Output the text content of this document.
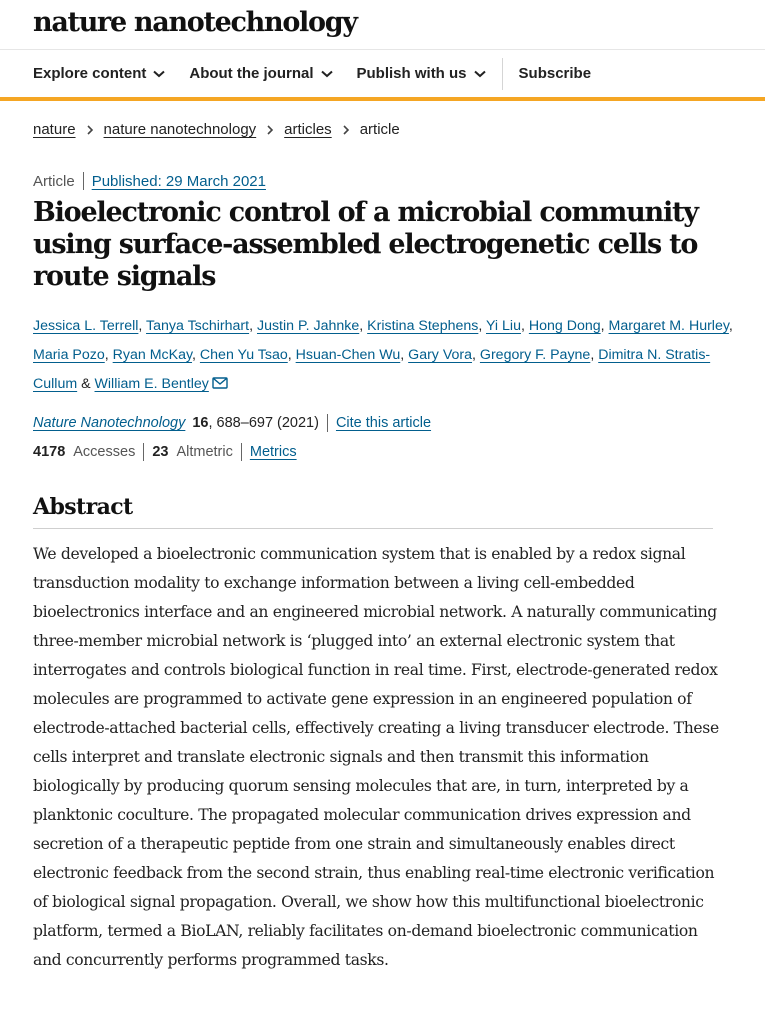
nature nanotechnology
Explore content	About the journal	Publish with us	Subscribe
nature nature nanotechnology articles article
Article Published: 29 March 2021
Bioelectronic control of a microbial community using surface-assembled electrogenetic cells to route signals
Jessica L. Terrell, Tanya Tschirhart, Justin P. Jahnke, Kristina Stephens, Yi Liu, Hong Dong, Margaret M. Hurley, Maria Pozo, Ryan McKay, Chen Yu Tsao, Hsuan-Chen Wu, Gary Vora, Gregory F. Payne, Dimitra N. Stratis-Cullum & William E. Bentley
Nature Nanotechnology 16 , 688–697 (2021) Cite this article
4178 Accesses 23 Altmetric Metrics
Abstract

We developed a bioelectronic communication system that is enabled by a redox signal transduction modality to exchange information between a living cell-embedded bioelectronics interface and an engineered microbial network. A naturally communicating three-member microbial network is ‘plugged into’ an external electronic system that interrogates and controls biological function in real time. First, electrode-generated redox molecules are programmed to activate gene expression in an engineered population of electrode-attached bacterial cells, effectively creating a living transducer electrode. These cells interpret and translate electronic signals and then transmit this information biologically by producing quorum sensing molecules that are, in turn, interpreted by a planktonic coculture. The propagated molecular communication drives expression and secretion of a therapeutic peptide from one strain and simultaneously enables direct electronic feedback from the second strain, thus enabling real-time electronic verification of biological signal propagation. Overall, we show how this multifunctional bioelectronic platform, termed a BioLAN, reliably facilitates on-demand bioelectronic communication and concurrently performs programmed tasks.
